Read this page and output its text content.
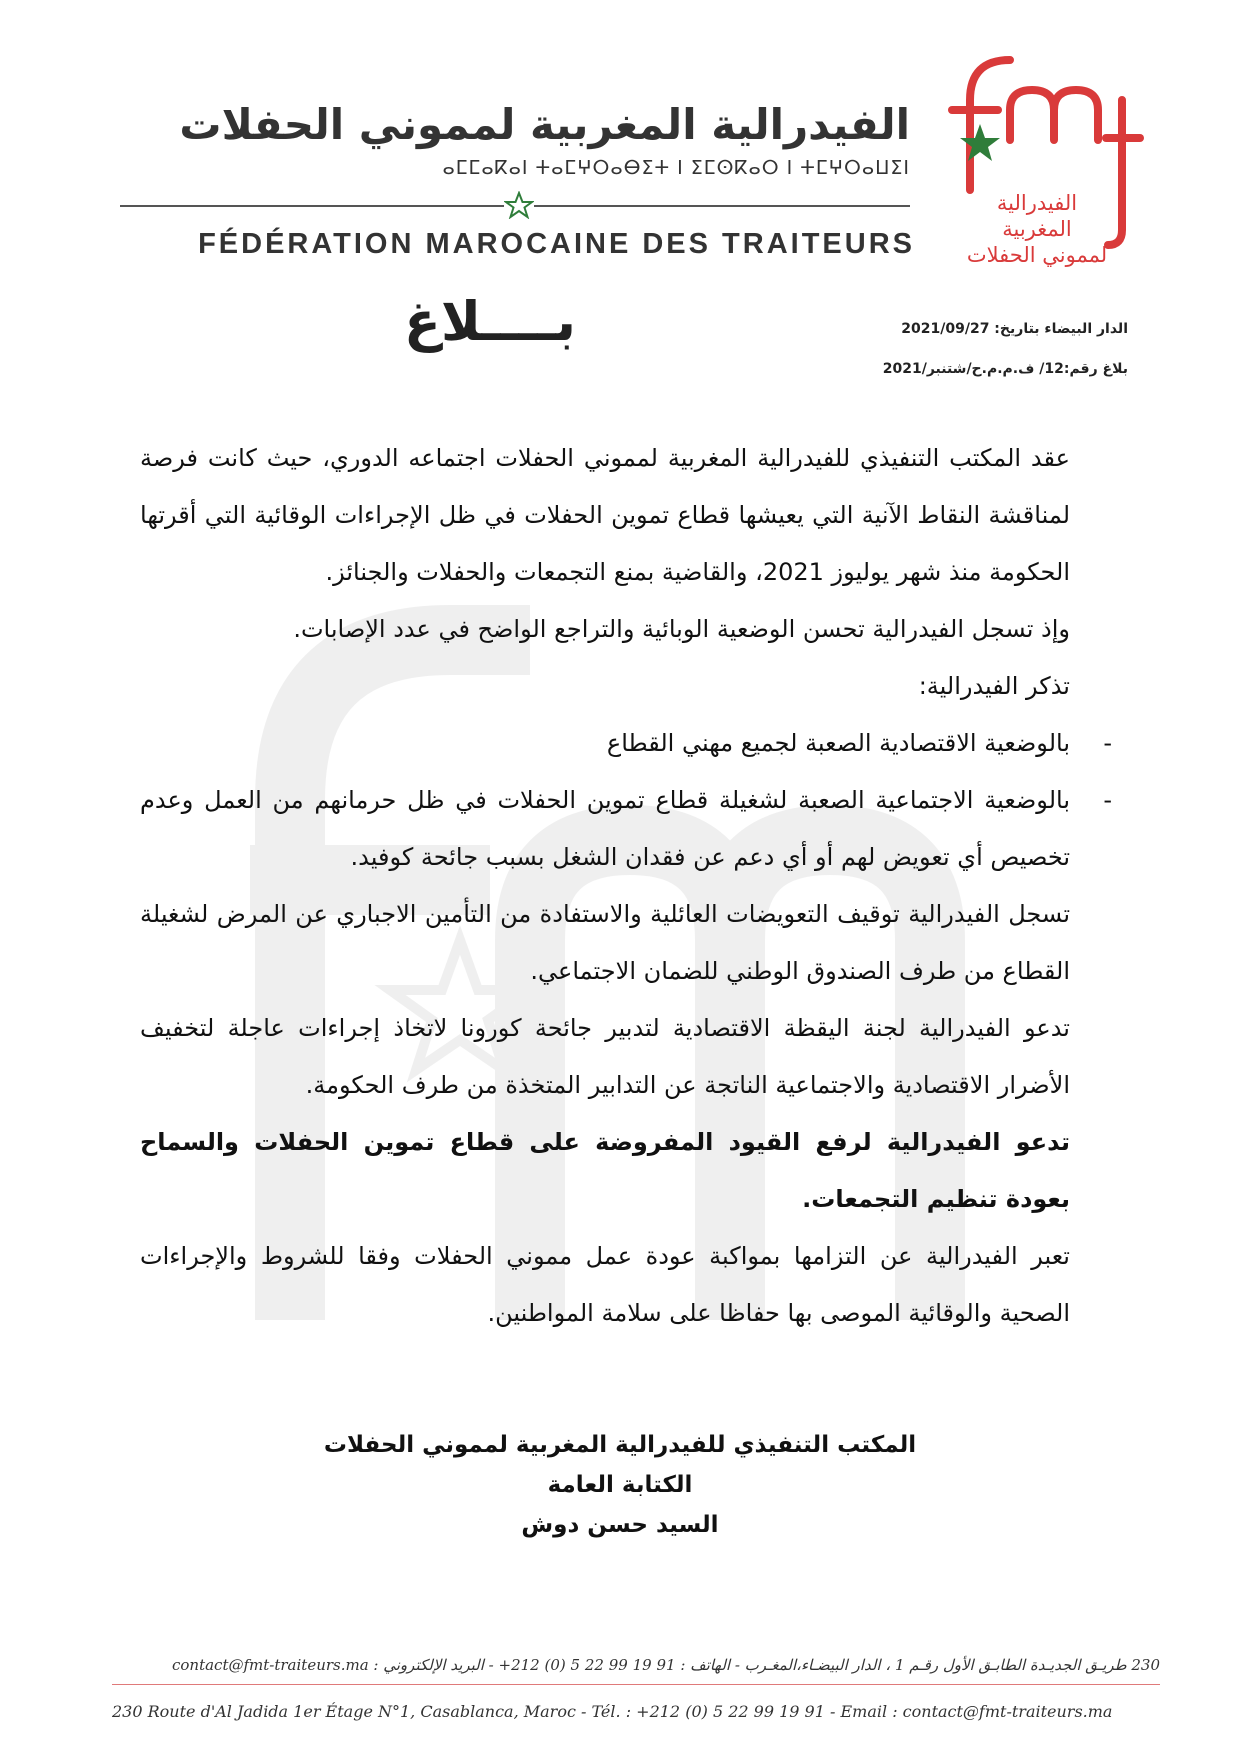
الفيدرالية
المغربية
لمموني الحفلات
الفيدرالية المغربية لمموني الحفلات
ⴰⵎⵎⴰⴽⴰⵏ ⵜⴰⵎⵖⵔⴰⴱⵉⵜ ⵏ ⵉⵎⵙⴽⴰⵔ ⵏ ⵜⵎⵖⵔⴰⵡⵉⵏ
FÉDÉRATION MAROCAINE DES TRAITEURS
بــــلاغ	الدار البيضاء بتاريخ: 2021/09/27
بلاغ رقم:12/ ف.م.م.ح/شتنبر/2021

عقد المكتب التنفيذي للفيدرالية المغربية لمموني الحفلات اجتماعه الدوري، حيث كانت فرصة لمناقشة النقاط الآنية التي يعيشها قطاع تموين الحفلات في ظل الإجراءات الوقائية التي أقرتها الحكومة منذ شهر يوليوز 2021، والقاضية بمنع التجمعات والحفلات والجنائز.

وإذ تسجل الفيدرالية تحسن الوضعية الوبائية والتراجع الواضح في عدد الإصابات.

تذكر الفيدرالية:

-
بالوضعية الاقتصادية الصعبة لجميع مهني القطاع

-
بالوضعية الاجتماعية الصعبة لشغيلة قطاع تموين الحفلات في ظل حرمانهم من العمل وعدم تخصيص أي تعويض لهم أو أي دعم عن فقدان الشغل بسبب جائحة كوفيد.

تسجل الفيدرالية توقيف التعويضات العائلية والاستفادة من التأمين الاجباري عن المرض لشغيلة القطاع من طرف الصندوق الوطني للضمان الاجتماعي.

تدعو الفيدرالية لجنة اليقظة الاقتصادية لتدبير جائحة كورونا لاتخاذ إجراءات عاجلة لتخفيف الأضرار الاقتصادية والاجتماعية الناتجة عن التدابير المتخذة من طرف الحكومة.

تدعو الفيدرالية لرفع القيود المفروضة على قطاع تموين الحفلات والسماح بعودة تنظيم التجمعات.

تعبر الفيدرالية عن التزامها بمواكبة عودة عمل مموني الحفلات وفقا للشروط والإجراءات الصحية والوقائية الموصى بها حفاظا على سلامة المواطنين.

المكتب التنفيذي للفيدرالية المغربية لمموني الحفلات
الكتابة العامة
السيد حسن دوش
230 طريـق الجديـدة الطابـق الأول رقـم 1 ، الدار البيضـاء،المغـرب - الهاتف : 91 19 99 22 5 (0) 212+ - البريد الإلكتروني : contact@fmt-traiteurs.ma
230 Route d'Al Jadida 1er Étage N°1, Casablanca, Maroc - Tél. : +212 (0) 5 22 99 19 91 - Email : contact@fmt-traiteurs.ma
